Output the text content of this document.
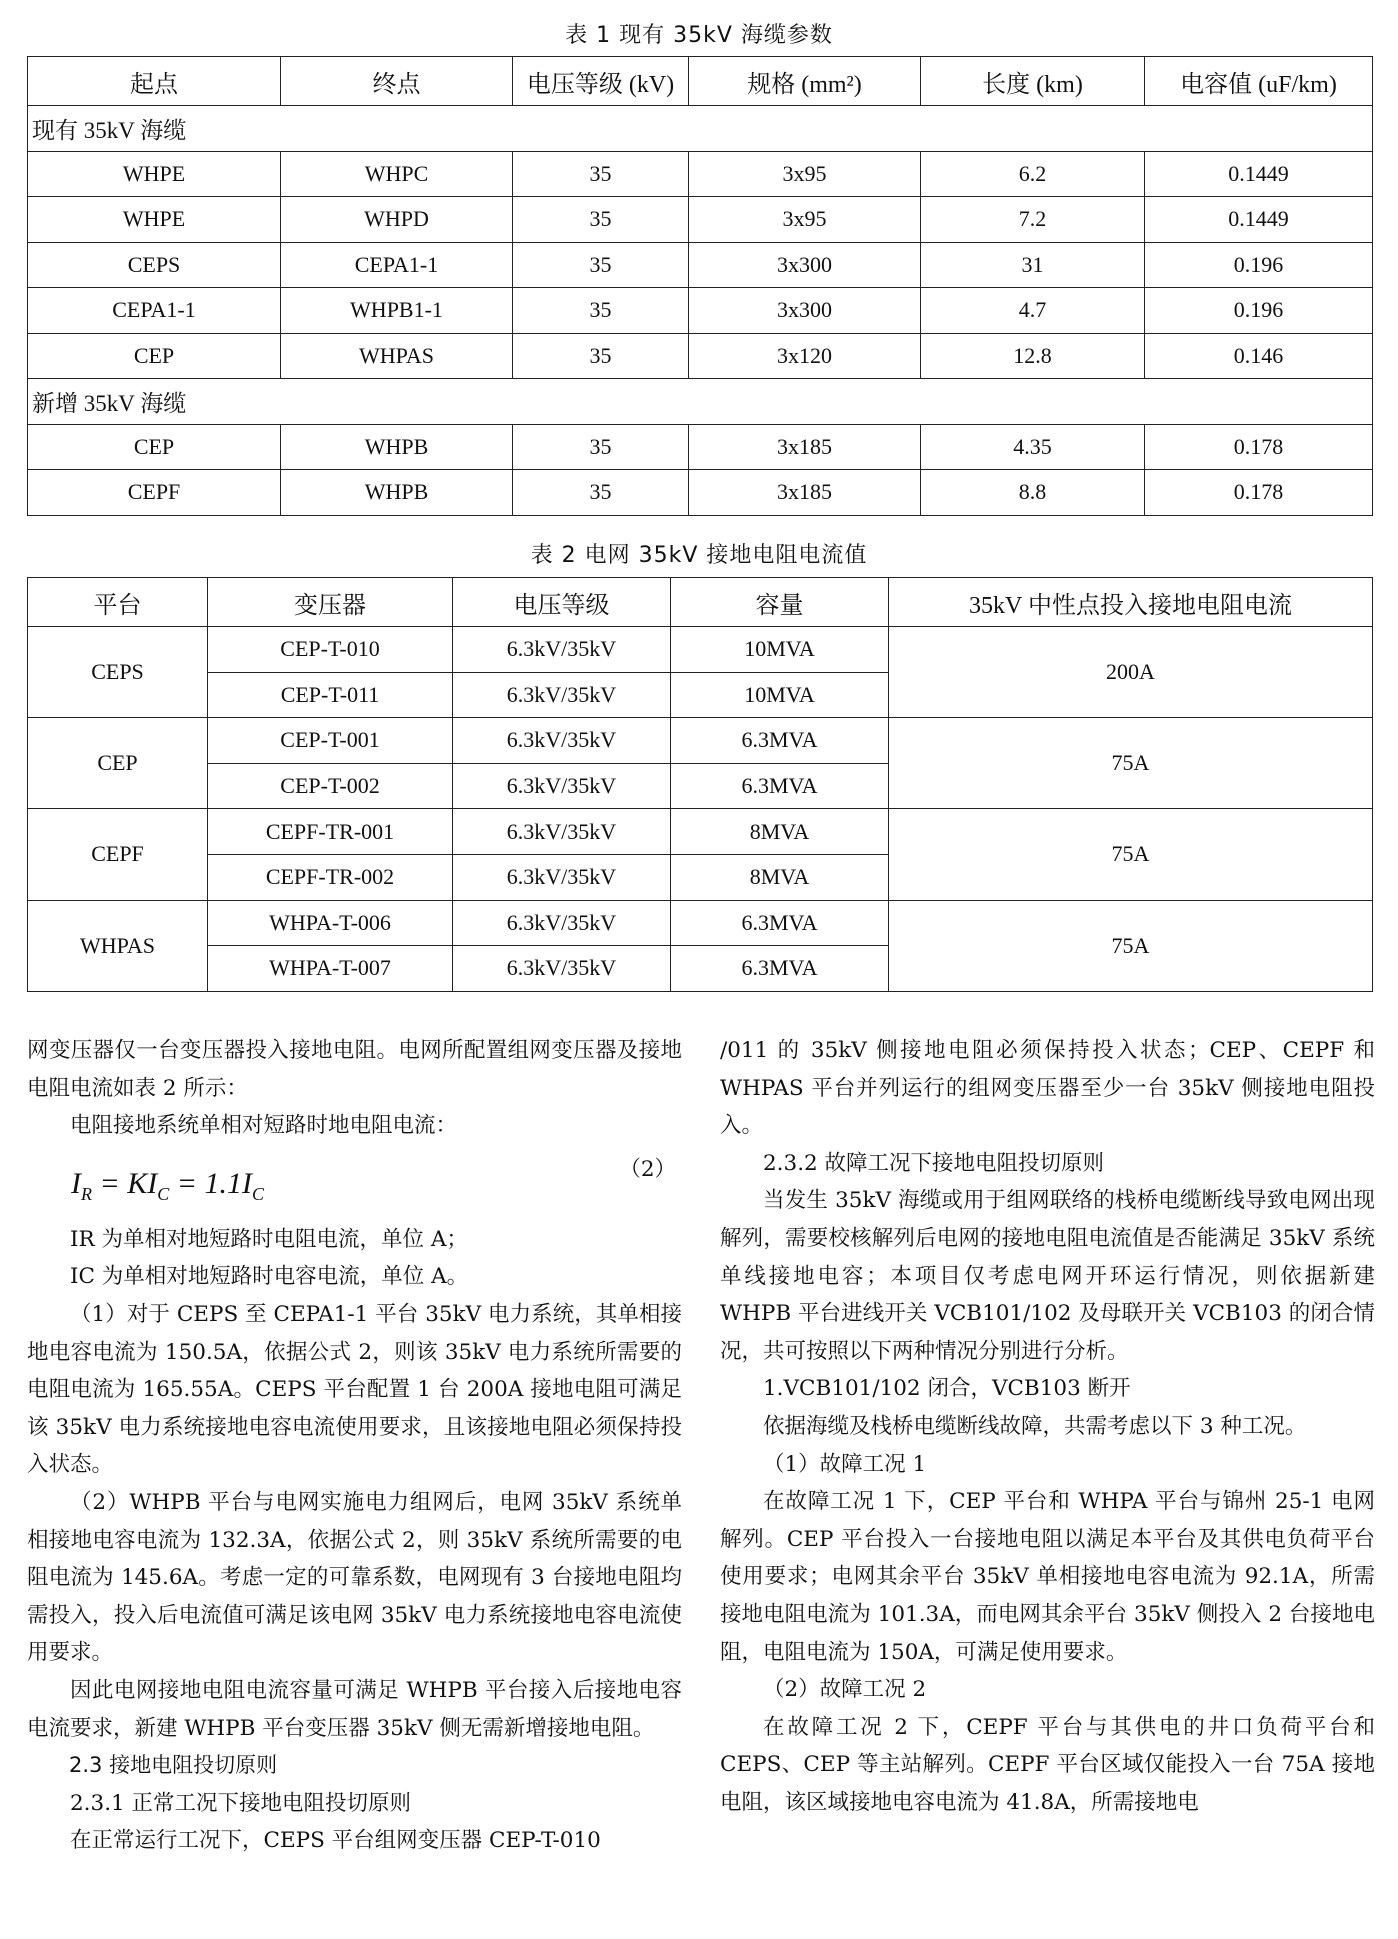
表 1 现有 35kV 海缆参数
起点	终点	电压等级 (kV)	规格 (mm²)	长度 (km)	电容值 (uF/km)
现有 35kV 海缆					
WHPE	WHPC	35	3x95	6.2	0.1449
WHPE	WHPD	35	3x95	7.2	0.1449
CEPS	CEPA1-1	35	3x300	31	0.196
CEPA1-1	WHPB1-1	35	3x300	4.7	0.196
CEP	WHPAS	35	3x120	12.8	0.146
新增 35kV 海缆					
CEP	WHPB	35	3x185	4.35	0.178
CEPF	WHPB	35	3x185	8.8	0.178
表 2 电网 35kV 接地电阻电流值
平台	变压器	电压等级	容量	35kV 中性点投入接地电阻电流
CEPS	CEP-T-010	6.3kV/35kV	10MVA	200A
	CEP-T-011	6.3kV/35kV	10MVA	
CEP	CEP-T-001	6.3kV/35kV	6.3MVA	75A
	CEP-T-002	6.3kV/35kV	6.3MVA	
CEPF	CEPF-TR-001	6.3kV/35kV	8MVA	75A
	CEPF-TR-002	6.3kV/35kV	8MVA	
WHPAS	WHPA-T-006	6.3kV/35kV	6.3MVA	75A
	WHPA-T-007	6.3kV/35kV	6.3MVA	

网变压器仅一台变压器投入接地电阻。电网所配置组网变压器及接地电阻电流如表 2 所示：

电阻接地系统单相对短路时地电阻电流：

$I_R = KI_C = 1.1I_C$
（2）

IR 为单相对地短路时电阻电流，单位 A；

IC 为单相对地短路时电容电流，单位 A。

（1）对于 CEPS 至 CEPA1-1 平台 35kV 电力系统，其单相接地电容电流为 150.5A，依据公式 2，则该 35kV 电力系统所需要的电阻电流为 165.55A。CEPS 平台配置 1 台 200A 接地电阻可满足该 35kV 电力系统接地电容电流使用要求，且该接地电阻必须保持投入状态。

（2）WHPB 平台与电网实施电力组网后，电网 35kV 系统单相接地电容电流为 132.3A，依据公式 2，则 35kV 系统所需要的电阻电流为 145.6A。考虑一定的可靠系数，电网现有 3 台接地电阻均需投入，投入后电流值可满足该电网 35kV 电力系统接地电容电流使用要求。

因此电网接地电阻电流容量可满足 WHPB 平台接入后接地电容电流要求，新建 WHPB 平台变压器 35kV 侧无需新增接地电阻。

2.3 接地电阻投切原则

2.3.1 正常工况下接地电阻投切原则

在正常运行工况下，CEPS 平台组网变压器 CEP-T-010

/011 的 35kV 侧接地电阻必须保持投入状态；CEP、CEPF 和 WHPAS 平台并列运行的组网变压器至少一台 35kV 侧接地电阻投入。

2.3.2 故障工况下接地电阻投切原则

当发生 35kV 海缆或用于组网联络的栈桥电缆断线导致电网出现解列，需要校核解列后电网的接地电阻电流值是否能满足 35kV 系统单线接地电容；本项目仅考虑电网开环运行情况，则依据新建 WHPB 平台进线开关 VCB101/102 及母联开关 VCB103 的闭合情况，共可按照以下两种情况分别进行分析。

1.VCB101/102 闭合，VCB103 断开

依据海缆及栈桥电缆断线故障，共需考虑以下 3 种工况。

（1）故障工况 1

在故障工况 1 下，CEP 平台和 WHPA 平台与锦州 25-1 电网解列。CEP 平台投入一台接地电阻以满足本平台及其供电负荷平台使用要求；电网其余平台 35kV 单相接地电容电流为 92.1A，所需接地电阻电流为 101.3A，而电网其余平台 35kV 侧投入 2 台接地电阻，电阻电流为 150A，可满足使用要求。

（2）故障工况 2

在故障工况 2 下，CEPF 平台与其供电的井口负荷平台和 CEPS、CEP 等主站解列。CEPF 平台区域仅能投入一台 75A 接地电阻，该区域接地电容电流为 41.8A，所需接地电
